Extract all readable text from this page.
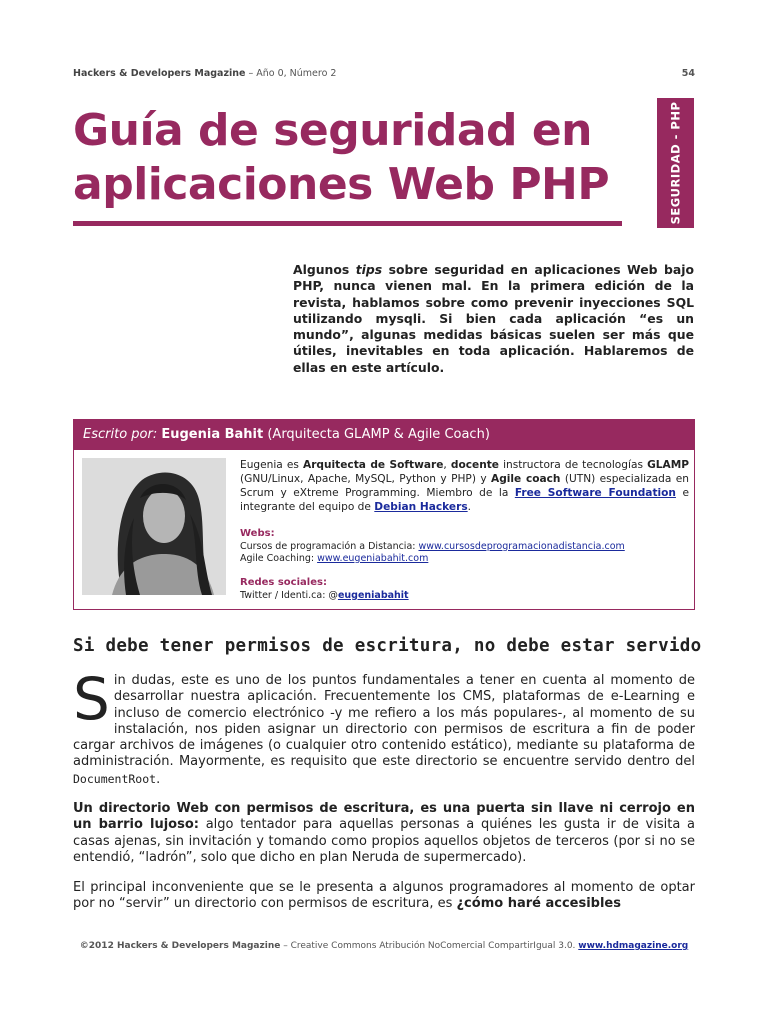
Hackers & Developers Magazine – Año 0, Número 2	54
Guía de seguridad en aplicaciones Web PHP	SEGURIDAD - PHP

Algunos tips sobre seguridad en aplicaciones Web bajo PHP, nunca vienen mal. En la primera edición de la revista, hablamos sobre como prevenir inyecciones SQL utilizando mysqli. Si bien cada aplicación “es un mundo”, algunas medidas básicas suelen ser más que útiles, inevitables en toda aplicación. Hablaremos de ellas en este artículo.

Escrito por: Eugenia Bahit (Arquitecta GLAMP & Agile Coach)

Eugenia es Arquitecta de Software, docente instructora de tecnologías GLAMP (GNU/Linux, Apache, MySQL, Python y PHP) y Agile coach (UTN) especializada en Scrum y eXtreme Programming. Miembro de la Free Software Foundation e integrante del equipo de Debian Hackers.

Webs:
Cursos de programación a Distancia: www.cursosdeprogramacionadistancia.com
Agile Coaching: www.eugeniabahit.com
Redes sociales:
Twitter / Identi.ca: @eugeniabahit
Si debe tener permisos de escritura, no debe estar servido

Sin dudas, este es uno de los puntos fundamentales a tener en cuenta al momento de desarrollar nuestra aplicación. Frecuentemente los CMS, plataformas de e-Learning e incluso de comercio electrónico -y me refiero a los más populares-, al momento de su instalación, nos piden asignar un directorio con permisos de escritura a fin de poder cargar archivos de imágenes (o cualquier otro contenido estático), mediante su plataforma de administración. Mayormente, es requisito que este directorio se encuentre servido dentro del DocumentRoot.

Un directorio Web con permisos de escritura, es una puerta sin llave ni cerrojo en un barrio lujoso: algo tentador para aquellas personas a quiénes les gusta ir de visita a casas ajenas, sin invitación y tomando como propios aquellos objetos de terceros (por si no se entendió, “ladrón”, solo que dicho en plan Neruda de supermercado).

El principal inconveniente que se le presenta a algunos programadores al momento de optar por no “servir” un directorio con permisos de escritura, es ¿cómo haré accesibles

©2012 Hackers & Developers Magazine – Creative Commons Atribución NoComercial CompartirIgual 3.0. www.hdmagazine.org
